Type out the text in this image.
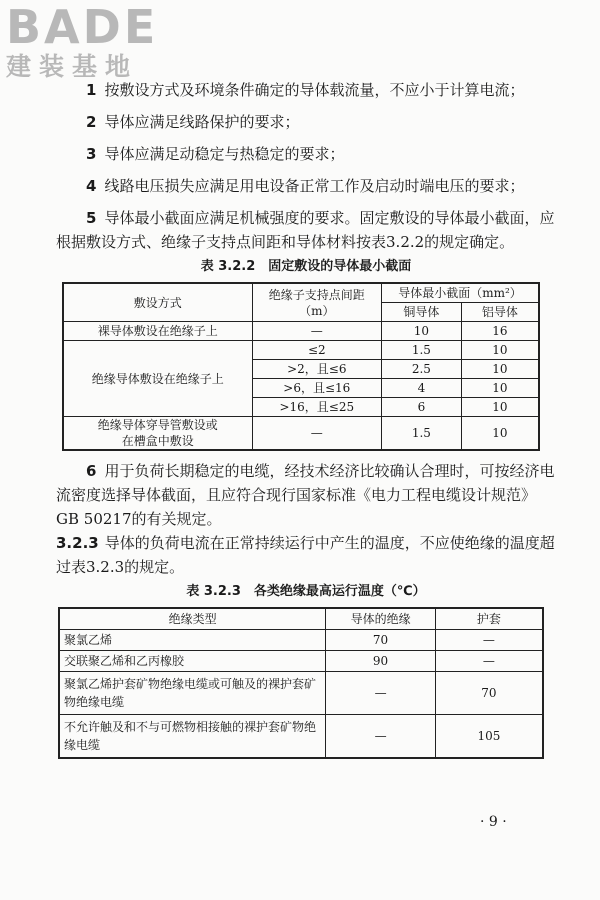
BADE
建装基地

1 按敷设方式及环境条件确定的导体载流量，不应小于计算电流；

2 导体应满足线路保护的要求；

3 导体应满足动稳定与热稳定的要求；

4 线路电压损失应满足用电设备正常工作及启动时端电压的要求；

5 导体最小截面应满足机械强度的要求。固定敷设的导体最小截面，应根据敷设方式、绝缘子支持点间距和导体材料按表3.2.2的规定确定。

表 3.2.2　固定敷设的导体最小截面
敷设方式	绝缘子支持点间距（m）	导体最小截面（mm²）	
		铜导体	铝导体
裸导体敷设在绝缘子上	—	10	16
绝缘导体敷设在绝缘子上	≤2	1.5	10
	>2，且≤6	2.5	10
	>6，且≤16	4	10
	>16，且≤25	6	10

绝缘导体穿导管敷设或
在槽盒中敷设	—	1.5	10

6 用于负荷长期稳定的电缆，经技术经济比较确认合理时，可按经济电流密度选择导体截面，且应符合现行国家标准《电力工程电缆设计规范》GB 50217的有关规定。

3.2.3 导体的负荷电流在正常持续运行中产生的温度，不应使绝缘的温度超过表3.2.3的规定。

表 3.2.3　各类绝缘最高运行温度（℃）
绝缘类型	导体的绝缘	护套
聚氯乙烯	70	—
交联聚乙烯和乙丙橡胶	90	—
聚氯乙烯护套矿物绝缘电缆或可触及的裸护套矿物绝缘电缆	—	70
不允许触及和不与可燃物相接触的裸护套矿物绝缘电缆	—	105
· 9 ·
